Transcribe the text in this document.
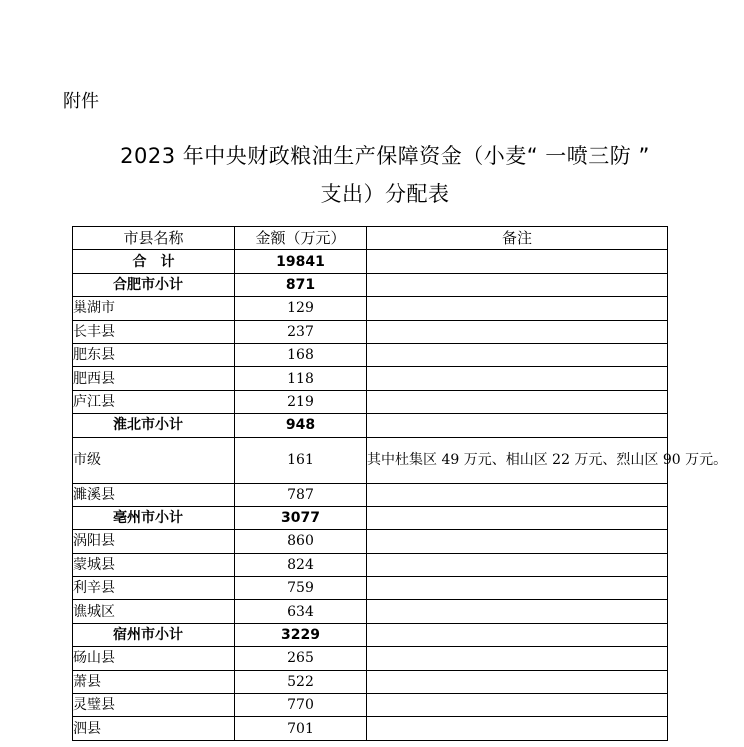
附件
2023 年中央财政粮油生产保障资金（小麦“ 一喷三防 ”
支出）分配表
市县名称	金额（万元）	备注
合　计	19841	
合肥市小计	871	
巢湖市	129	
长丰县	237	
肥东县	168	
肥西县	118	
庐江县	219	
淮北市小计	948	
市级	161	其中杜集区 49 万元、相山区 22 万元、烈山区 90 万元。
濉溪县	787	
亳州市小计	3077	
涡阳县	860	
蒙城县	824	
利辛县	759	
谯城区	634	
宿州市小计	3229	
砀山县	265	
萧县	522	
灵璧县	770	
泗县	701	
